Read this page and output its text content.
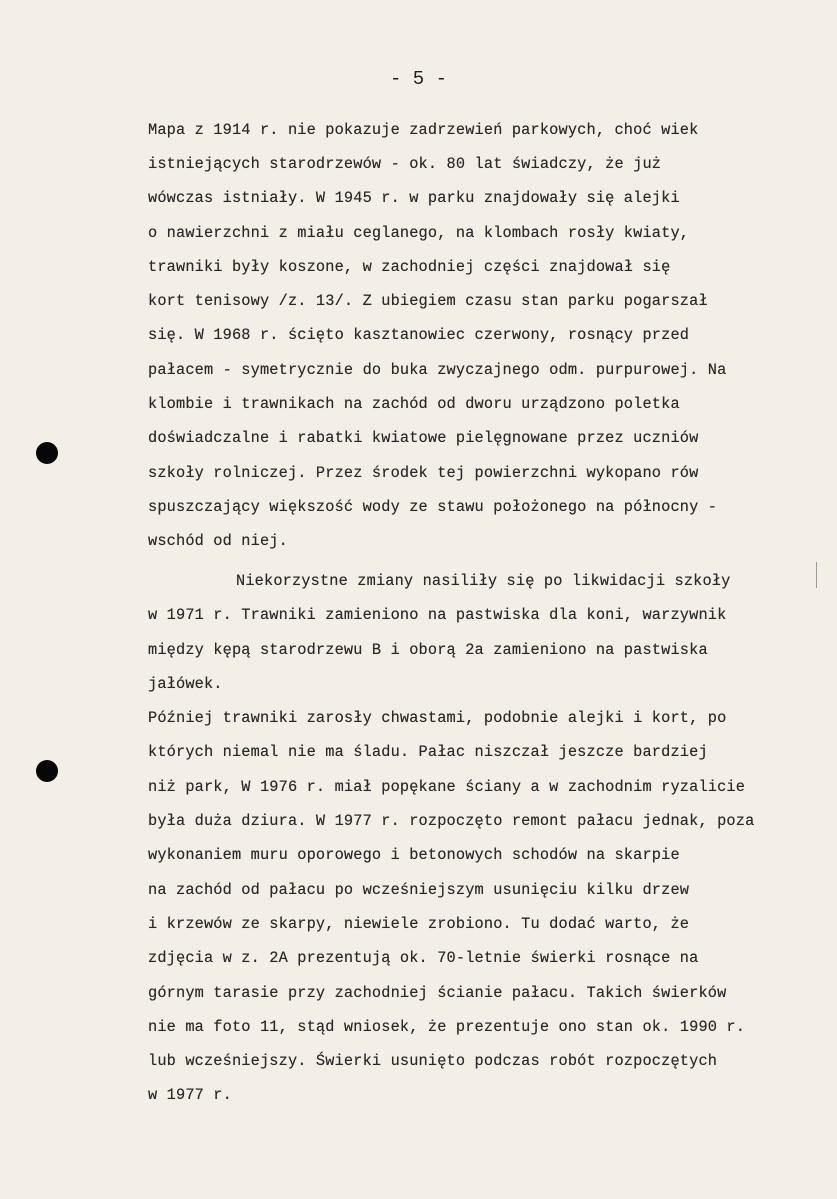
- 5 -
Mapa z 1914 r. nie pokazuje zadrzewień parkowych, choć wiek
istniejących starodrzewów - ok. 80 lat świadczy, że już
wówczas istniały. W 1945 r. w parku znajdowały się alejki
o nawierzchni z miału ceglanego, na klombach rosły kwiaty,
trawniki były koszone, w zachodniej części znajdował się
kort tenisowy /z. 13/. Z ubiegiem czasu stan parku pogarszał
się. W 1968 r. ścięto kasztanowiec czerwony, rosnący przed
pałacem - symetrycznie do buka zwyczajnego odm. purpurowej. Na
klombie i trawnikach na zachód od dworu urządzono poletka
doświadczalne i rabatki kwiatowe pielęgnowane przez uczniów
szkoły rolniczej. Przez środek tej powierzchni wykopano rów
spuszczający większość wody ze stawu położonego na północny -
wschód od niej.
Niekorzystne zmiany nasiliły się po likwidacji szkoły
w 1971 r. Trawniki zamieniono na pastwiska dla koni, warzywnik
między kępą starodrzewu B i oborą 2a zamieniono na pastwiska
jałówek.
Później trawniki zarosły chwastami, podobnie alejki i kort, po
których niemal nie ma śladu. Pałac niszczał jeszcze bardziej
niż park, W 1976 r. miał popękane ściany a w zachodnim ryzalicie
była duża dziura. W 1977 r. rozpoczęto remont pałacu jednak, poza
wykonaniem muru oporowego i betonowych schodów na skarpie
na zachód od pałacu po wcześniejszym usunięciu kilku drzew
i krzewów ze skarpy, niewiele zrobiono. Tu dodać warto, że
zdjęcia w z. 2A prezentują ok. 70-letnie świerki rosnące na
górnym tarasie przy zachodniej ścianie pałacu. Takich świerków
nie ma foto 11, stąd wniosek, że prezentuje ono stan ok. 1990 r.
lub wcześniejszy. Świerki usunięto podczas robót rozpoczętych
w 1977 r.
